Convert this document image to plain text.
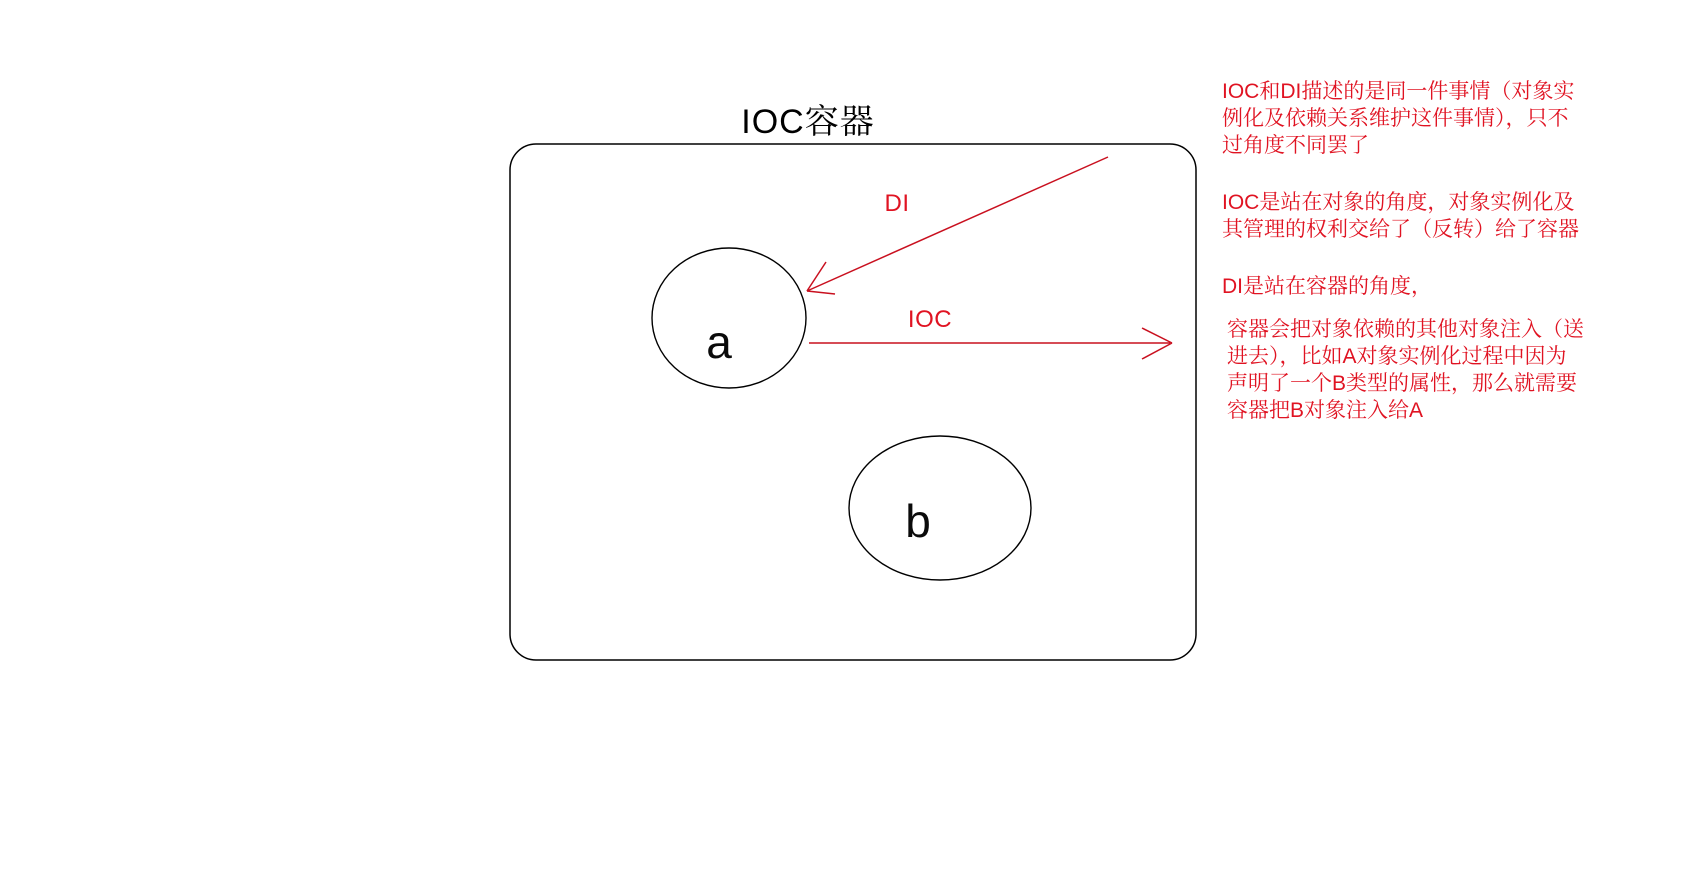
IOC容器
a
b
DI
IOC

IOC和DI描述的是同一件事情（对象实例化及依赖关系维护这件事情），只不过角度不同罢了

IOC是站在对象的角度，对象实例化及其管理的权利交给了（反转）给了容器

DI是站在容器的角度，

容器会把对象依赖的其他对象注入（送进去），比如A对象实例化过程中因为声明了一个B类型的属性，那么就需要容器把B对象注入给A
